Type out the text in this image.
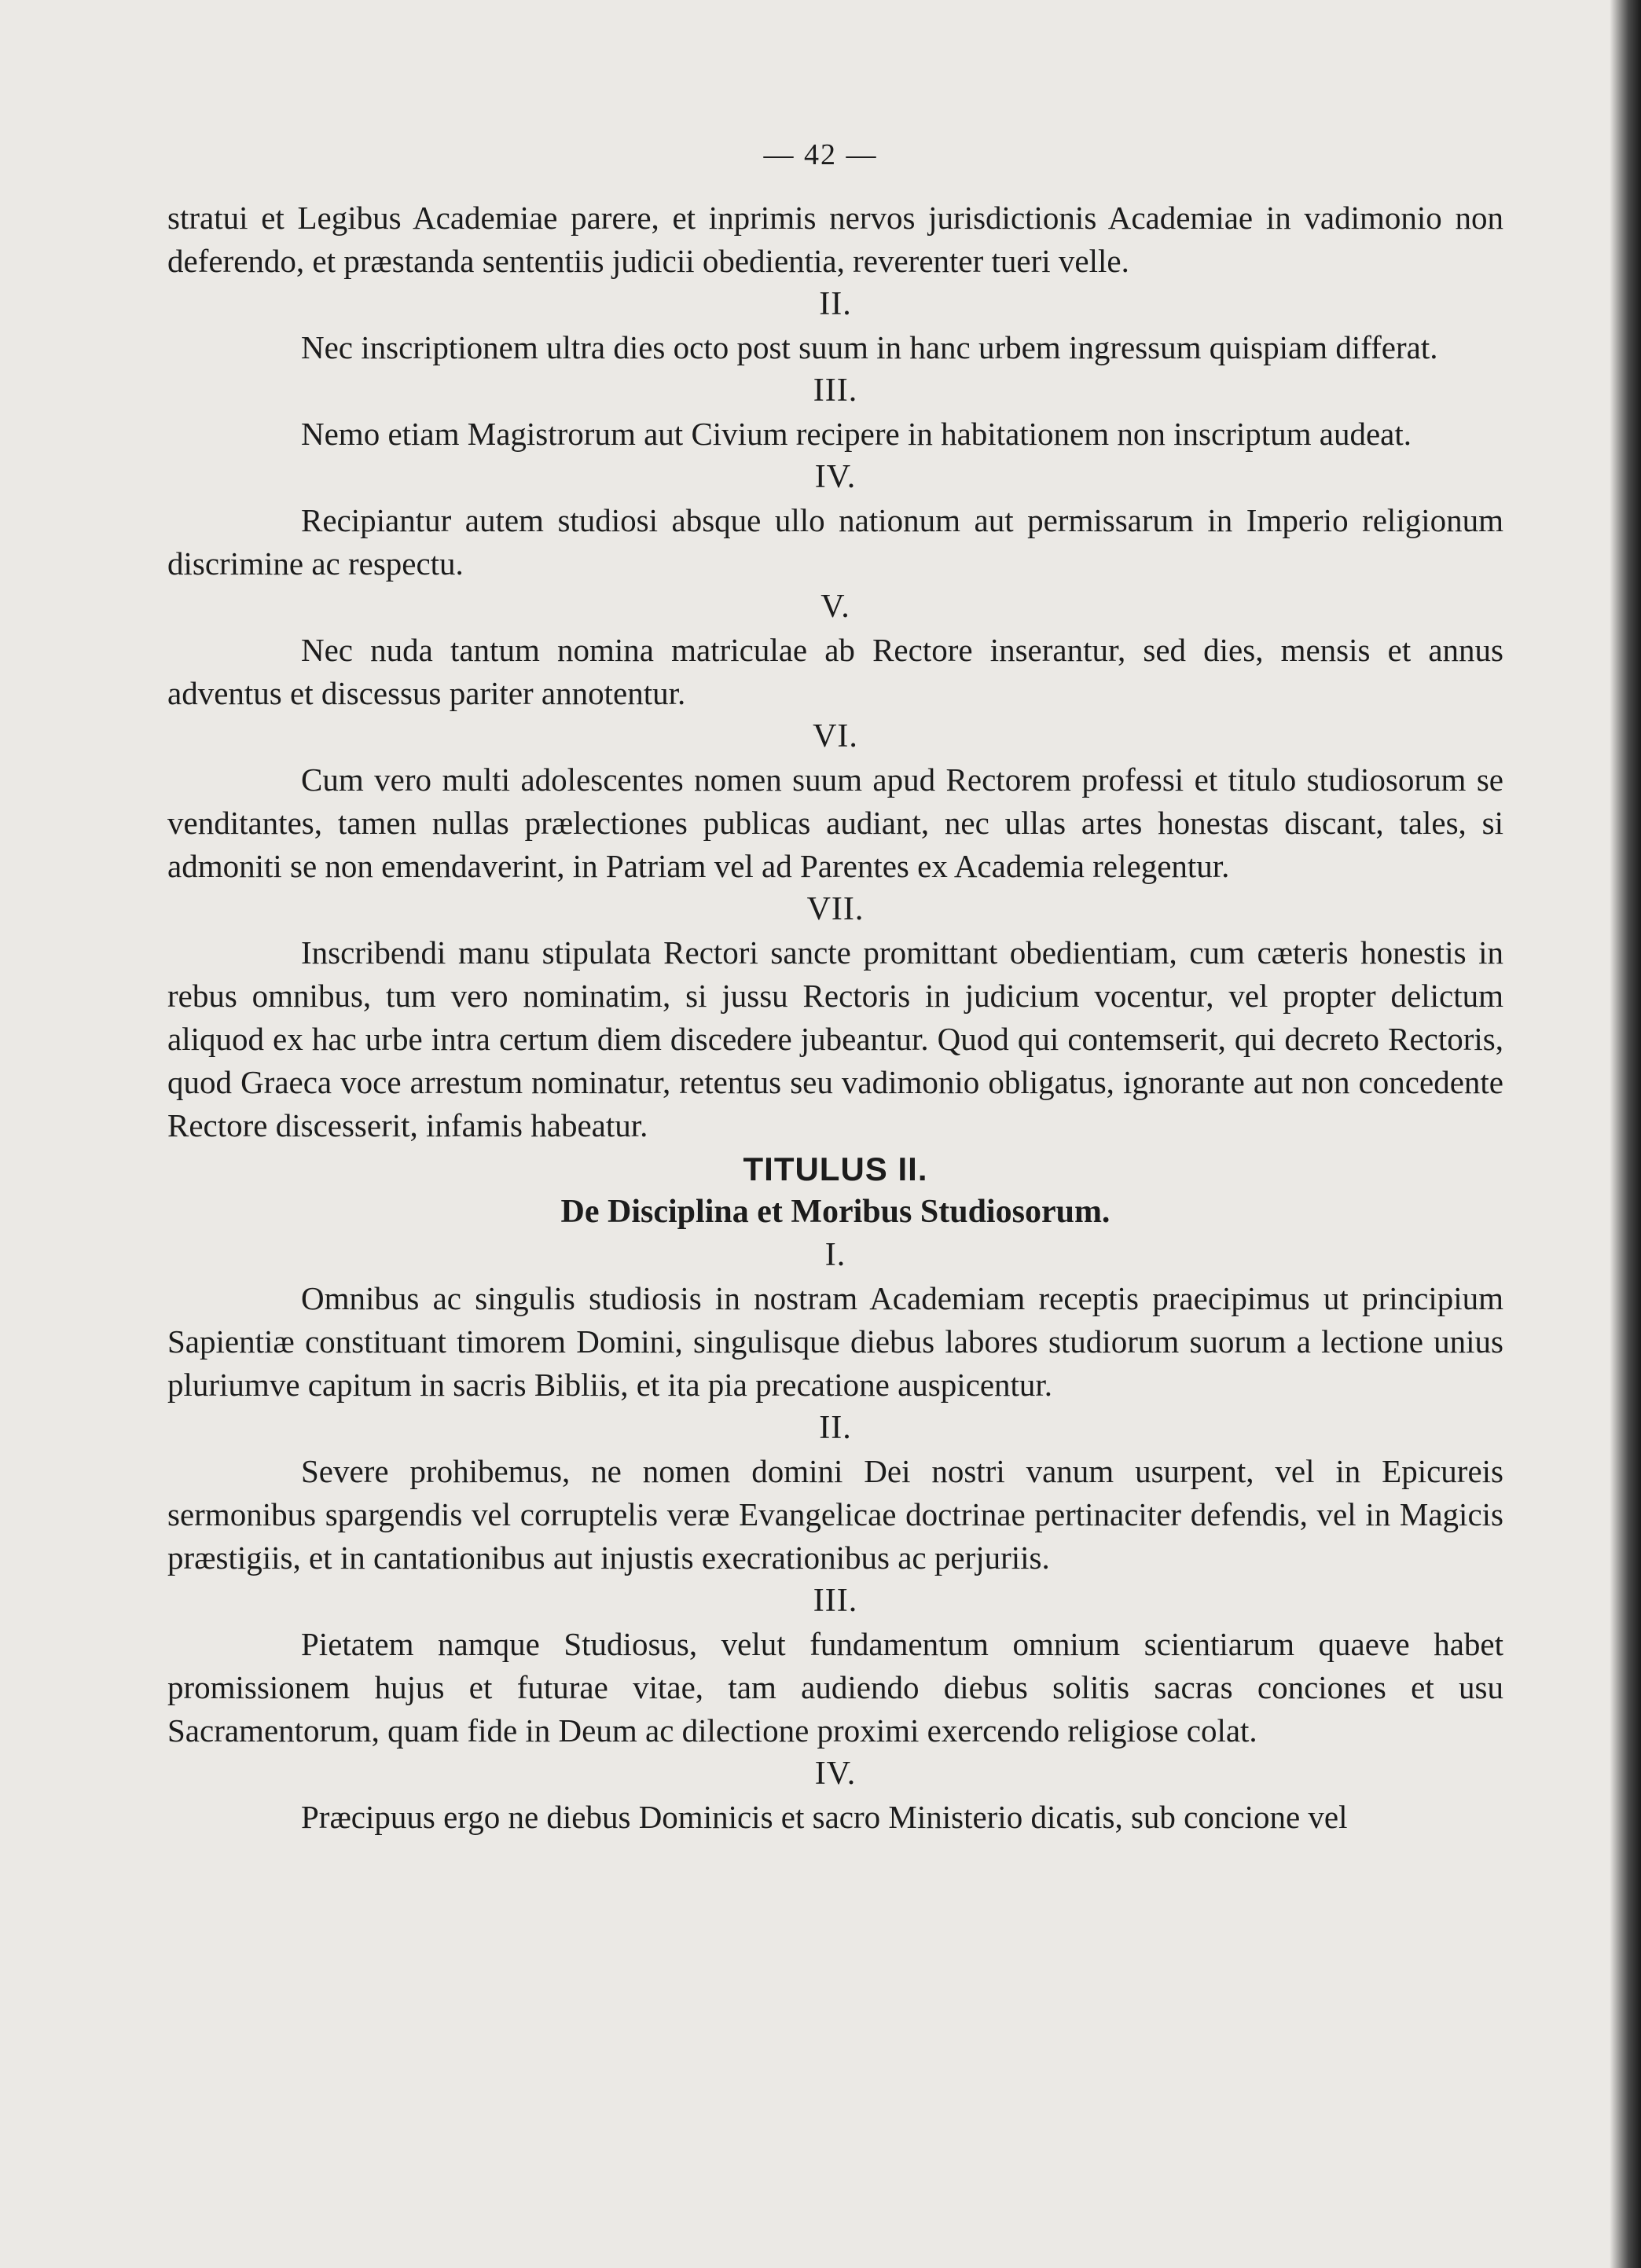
— 42 —

stratui et Legibus Academiae parere, et inprimis nervos jurisdictionis Academiae in vadimonio non deferendo, et præstanda sententiis judicii obedientia, reverenter tueri velle.

II.

Nec inscriptionem ultra dies octo post suum in hanc urbem ingressum quispiam differat.

III.

Nemo etiam Magistrorum aut Civium recipere in habitationem non inscriptum audeat.

IV.

Recipiantur autem studiosi absque ullo nationum aut permissarum in Imperio religionum discrimine ac respectu.

V.

Nec nuda tantum nomina matriculae ab Rectore inserantur, sed dies, mensis et annus adventus et discessus pariter annotentur.

VI.

Cum vero multi adolescentes nomen suum apud Rectorem professi et titulo studiosorum se venditantes, tamen nullas prælectiones publicas audiant, nec ullas artes honestas discant, tales, si admoniti se non emendaverint, in Patriam vel ad Parentes ex Academia relegentur.

VII.

Inscribendi manu stipulata Rectori sancte promittant obedientiam, cum cæteris honestis in rebus omnibus, tum vero nominatim, si jussu Rectoris in judicium vocentur, vel propter delictum aliquod ex hac urbe intra certum diem discedere jubeantur. Quod qui contemserit, qui decreto Rectoris, quod Graeca voce arrestum nominatur, retentus seu vadimonio obligatus, ignorante aut non concedente Rectore discesserit, infamis habeatur.

TITULUS II.

De Disciplina et Moribus Studiosorum.

I.

Omnibus ac singulis studiosis in nostram Academiam receptis praecipimus ut principium Sapientiæ constituant timorem Domini, singulisque diebus labores studiorum suorum a lectione unius pluriumve capitum in sacris Bibliis, et ita pia precatione auspicentur.

II.

Severe prohibemus, ne nomen domini Dei nostri vanum usurpent, vel in Epicureis sermonibus spargendis vel corruptelis veræ Evangelicae doctrinae pertinaciter defendis, vel in Magicis præstigiis, et in cantationibus aut injustis execrationibus ac perjuriis.

III.

Pietatem namque Studiosus, velut fundamentum omnium scientiarum quaeve habet promissionem hujus et futurae vitae, tam audiendo diebus solitis sacras conciones et usu Sacramentorum, quam fide in Deum ac dilectione proximi exercendo religiose colat.

IV.

Præcipuus ergo ne diebus Dominicis et sacro Ministerio dicatis, sub concione vel
